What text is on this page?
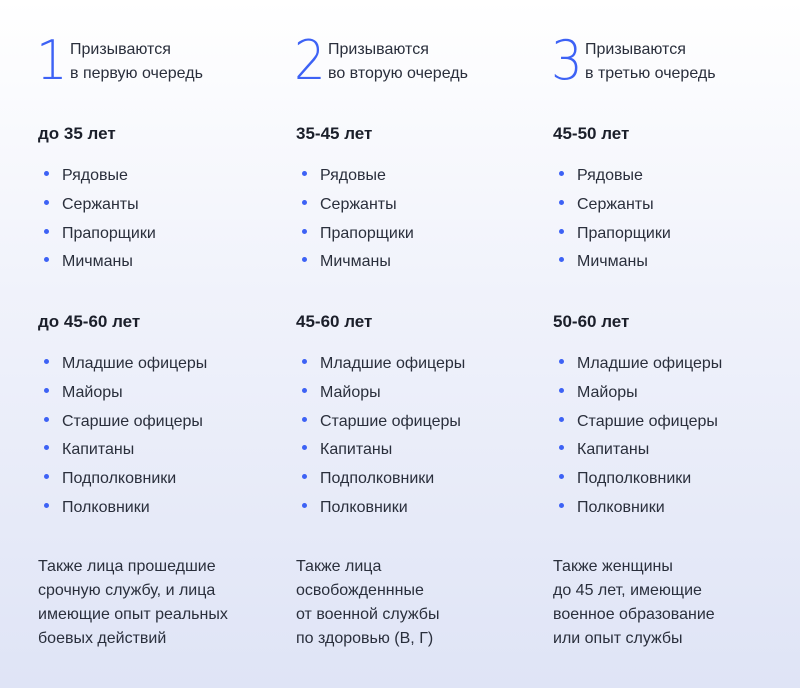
1 Призываются
в первую очередь
до 35 лет
Рядовые
Сержанты
Прапорщики
Мичманы
до 45-60 лет
Младшие офицеры
Майоры
Старшие офицеры
Капитаны
Подполковники
Полковники
Также лица прошедшие
срочную службу, и лица
имеющие опыт реальных
боевых действий
2 Призываются
во вторую очередь
35-45 лет
Рядовые
Сержанты
Прапорщики
Мичманы
45-60 лет
Младшие офицеры
Майоры
Старшие офицеры
Капитаны
Подполковники
Полковники
Также лица
освобожденнные
от военной службы
по здоровью (В, Г)
3 Призываются
в третью очередь
45-50 лет
Рядовые
Сержанты
Прапорщики
Мичманы
50-60 лет
Младшие офицеры
Майоры
Старшие офицеры
Капитаны
Подполковники
Полковники
Также женщины
до 45 лет, имеющие
военное образование
или опыт службы
